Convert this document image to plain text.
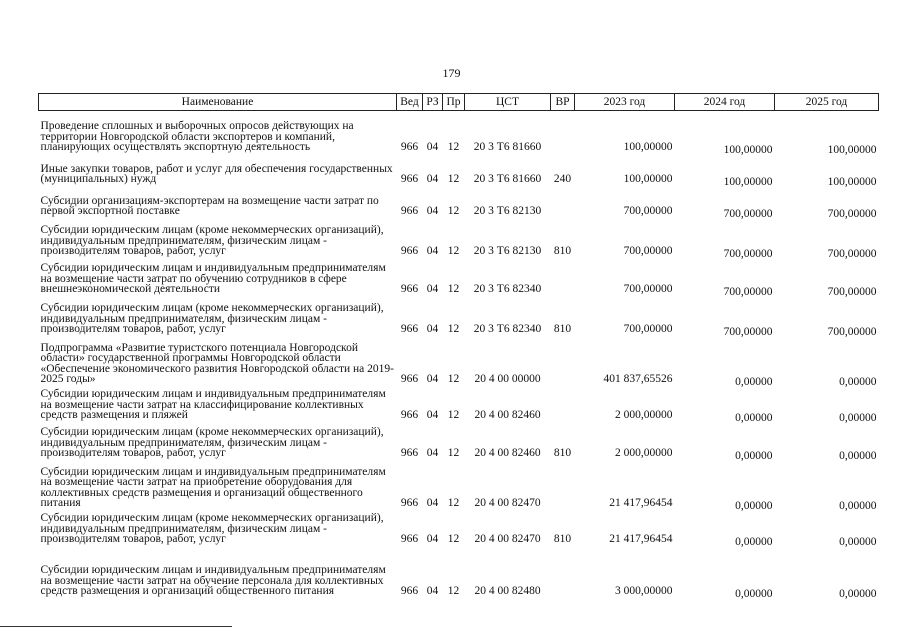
179
Наименование	Вед	РЗ	Пр	ЦСТ	ВР	2023 год	2024 год	2025 год
Проведение сплошных и выборочных опросов действующих на территории Новгородской области экспортеров и компаний, планирующих осуществлять экспортную деятельность	966	04	12	20 3 Т6 81660		100,00000	100,00000	100,00000
Иные закупки товаров, работ и услуг для обеспечения государственных (муниципальных) нужд	966	04	12	20 3 Т6 81660	240	100,00000	100,00000	100,00000
Субсидии организациям-экспортерам на возмещение части затрат по первой экспортной поставке	966	04	12	20 3 Т6 82130		700,00000	700,00000	700,00000
Субсидии юридическим лицам (кроме некоммерческих организаций), индивидуальным предпринимателям, физическим лицам - производителям товаров, работ, услуг	966	04	12	20 3 Т6 82130	810	700,00000	700,00000	700,00000
Субсидии юридическим лицам и индивидуальным предпринимателям на возмещение части затрат по обучению сотрудников в сфере внешнеэкономической деятельности	966	04	12	20 3 Т6 82340		700,00000	700,00000	700,00000
Субсидии юридическим лицам (кроме некоммерческих организаций), индивидуальным предпринимателям, физическим лицам - производителям товаров, работ, услуг	966	04	12	20 3 Т6 82340	810	700,00000	700,00000	700,00000
Подпрограмма «Развитие туристского потенциала Новгородской области» государственной программы Новгородской области «Обеспечение экономического развития Новгородской области на 2019-2025 годы»	966	04	12	20 4 00 00000		401 837,65526	0,00000	0,00000
Субсидии юридическим лицам и индивидуальным предпринимателям на возмещение части затрат на классифицирование коллективных средств размещения и пляжей	966	04	12	20 4 00 82460		2 000,00000	0,00000	0,00000
Субсидии юридическим лицам (кроме некоммерческих организаций), индивидуальным предпринимателям, физическим лицам - производителям товаров, работ, услуг	966	04	12	20 4 00 82460	810	2 000,00000	0,00000	0,00000
Субсидии юридическим лицам и индивидуальным предпринимателям на возмещение части затрат на приобретение оборудования для коллективных средств размещения и организаций общественного питания	966	04	12	20 4 00 82470		21 417,96454	0,00000	0,00000
Субсидии юридическим лицам (кроме некоммерческих организаций), индивидуальным предпринимателям, физическим лицам - производителям товаров, работ, услуг	966	04	12	20 4 00 82470	810	21 417,96454	0,00000	0,00000
Субсидии юридическим лицам и индивидуальным предпринимателям на возмещение части затрат на обучение персонала для коллективных средств размещения и организаций общественного питания	966	04	12	20 4 00 82480		3 000,00000	0,00000	0,00000
